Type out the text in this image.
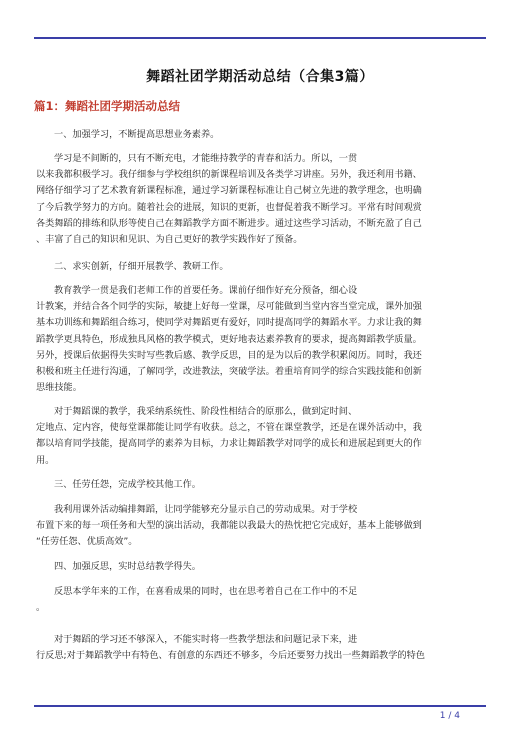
舞蹈社团学期活动总结（合集3篇）
篇1：舞蹈社团学期活动总结
一、加强学习，不断提高思想业务素养。
学习是不间断的，只有不断充电，才能维持教学的青春和活力。所以，一贯
以来我都积极学习。我仔细参与学校组织的新课程培训及各类学习讲座。另外，我还利用书籍、
网络仔细学习了艺术教育新课程标准，通过学习新课程标准让自己树立先进的教学理念，也明确
了今后教学努力的方向。随着社会的进展，知识的更新，也督促着我不断学习。平常有时间观赏
各类舞蹈的排练和队形等使自己在舞蹈教学方面不断进步。通过这些学习活动，不断充盈了自己
、丰富了自己的知识和见识、为自己更好的教学实践作好了预备。
二、求实创新，仔细开展教学、教研工作。
教育教学一贯是我们老师工作的首要任务。课前仔细作好充分预备，细心设
计教案，并结合各个同学的实际，敏捷上好每一堂课，尽可能做到当堂内容当堂完成，课外加强
基本功训练和舞蹈组合练习，使同学对舞蹈更有爱好，同时提高同学的舞蹈水平。力求让我的舞
蹈教学更具特色，形成独具风格的教学模式，更好地表达素养教育的要求，提高舞蹈教学质量。
另外，授课后依据得失实时写些教后感、教学反思，目的是为以后的教学积累阅历。同时，我还
积极和班主任进行沟通，了解同学，改进教法，突破学法。着重培育同学的综合实践技能和创新
思维技能。
对于舞蹈课的教学，我采纳系统性、阶段性相结合的原那么，做到定时间、
定地点、定内容，使每堂课都能让同学有收获。总之，不管在课堂教学，还是在课外活动中，我
都以培育同学技能，提高同学的素养为目标，力求让舞蹈教学对同学的成长和进展起到更大的作
用。
三、任劳任怨，完成学校其他工作。
我利用课外活动编排舞蹈，让同学能够充分显示自己的劳动成果。对于学校
布置下来的每一项任务和大型的演出活动，我都能以我最大的热忱把它完成好，基本上能够做到
“任劳任怨、优质高效”。
四、加强反思，实时总结教学得失。
反思本学年来的工作，在喜看成果的同时，也在思考着自己在工作中的不足
。
对于舞蹈的学习还不够深入，不能实时将一些教学想法和问题记录下来，进
行反思;对于舞蹈教学中有特色、有创意的东西还不够多，今后还要努力找出一些舞蹈教学的特色
1 / 4
